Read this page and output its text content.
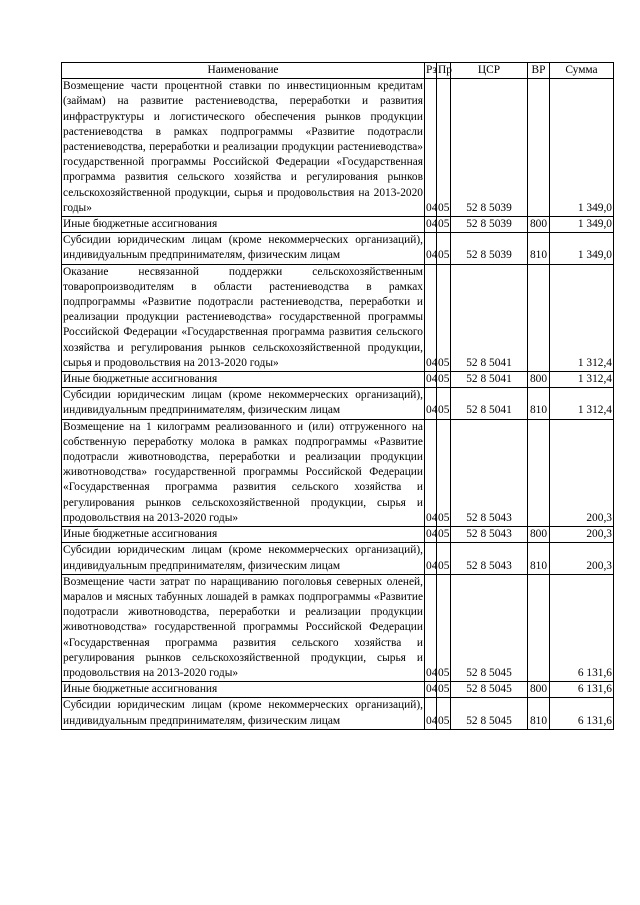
Наименование	Рз	Пр	ЦСР	ВР	Сумма
Возмещение части процентной ставки по инвестиционным кредитам (займам) на развитие растениеводства, переработки и развития инфраструктуры и логистического обеспечения рынков продукции растениеводства в рамках подпрограммы «Развитие подотрасли растениеводства, переработки и реализации продукции растениеводства» государственной программы Российской Федерации «Государственная программа развития сельского хозяйства и регулирования рынков сельскохозяйственной продукции, сырья и продовольствия на 2013-2020 годы»	04	05	52 8 5039		1 349,0
Иные бюджетные ассигнования	04	05	52 8 5039	800	1 349,0
Субсидии юридическим лицам (кроме некоммерческих организаций), индивидуальным предпринимателям, физическим лицам	04	05	52 8 5039	810	1 349,0
Оказание несвязанной поддержки сельскохозяйственным товаропроизводителям в области растениеводства в рамках подпрограммы «Развитие подотрасли растениеводства, переработки и реализации продукции растениеводства» государственной программы Российской Федерации «Государственная программа развития сельского хозяйства и регулирования рынков сельскохозяйственной продукции, сырья и продовольствия на 2013-2020 годы»	04	05	52 8 5041		1 312,4
Иные бюджетные ассигнования	04	05	52 8 5041	800	1 312,4
Субсидии юридическим лицам (кроме некоммерческих организаций), индивидуальным предпринимателям, физическим лицам	04	05	52 8 5041	810	1 312,4
Возмещение на 1 килограмм реализованного и (или) отгруженного на собственную переработку молока в рамках подпрограммы «Развитие подотрасли животноводства, переработки и реализации продукции животноводства» государственной программы Российской Федерации «Государственная программа развития сельского хозяйства и регулирования рынков сельскохозяйственной продукции, сырья и продовольствия на 2013-2020 годы»	04	05	52 8 5043		200,3
Иные бюджетные ассигнования	04	05	52 8 5043	800	200,3
Субсидии юридическим лицам (кроме некоммерческих организаций), индивидуальным предпринимателям, физическим лицам	04	05	52 8 5043	810	200,3
Возмещение части затрат по наращиванию поголовья северных оленей, маралов и мясных табунных лошадей в рамках подпрограммы «Развитие подотрасли животноводства, переработки и реализации продукции животноводства» государственной программы Российской Федерации «Государственная программа развития сельского хозяйства и регулирования рынков сельскохозяйственной продукции, сырья и продовольствия на 2013-2020 годы»	04	05	52 8 5045		6 131,6
Иные бюджетные ассигнования	04	05	52 8 5045	800	6 131,6
Субсидии юридическим лицам (кроме некоммерческих организаций), индивидуальным предпринимателям, физическим лицам	04	05	52 8 5045	810	6 131,6
